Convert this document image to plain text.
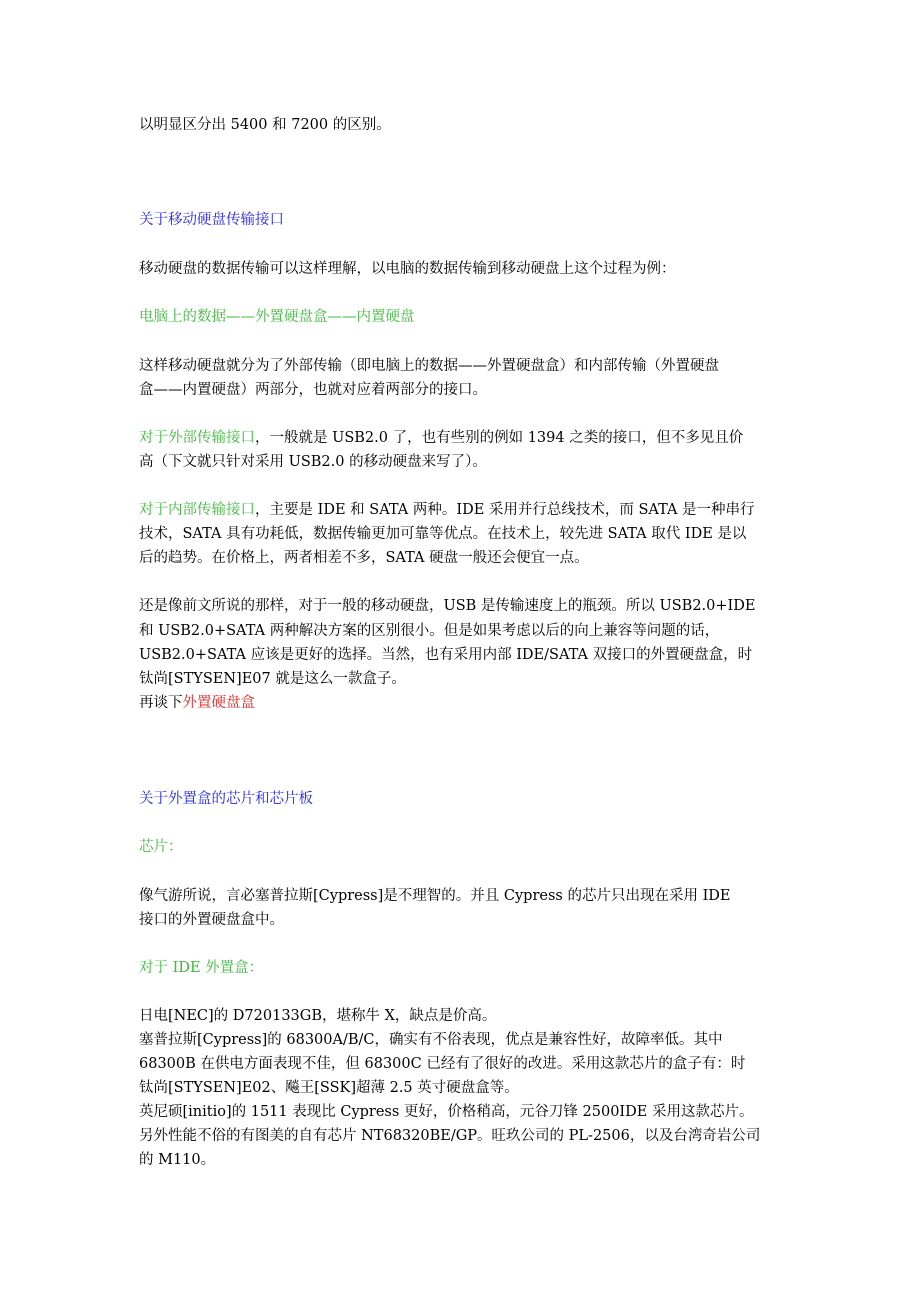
以明显区分出 5400 和 7200 的区别。
关于移动硬盘传输接口
移动硬盘的数据传输可以这样理解，以电脑的数据传输到移动硬盘上这个过程为例：
电脑上的数据——外置硬盘盒——内置硬盘
这样移动硬盘就分为了外部传输（即电脑上的数据——外置硬盘盒）和内部传输（外置硬盘
盒——内置硬盘）两部分，也就对应着两部分的接口。
对于外部传输接口，一般就是 USB2.0 了，也有些别的例如 1394 之类的接口，但不多见且价
高（下文就只针对采用 USB2.0 的移动硬盘来写了）。
对于内部传输接口，主要是 IDE 和 SATA 两种。IDE 采用并行总线技术，而 SATA 是一种串行
技术，SATA 具有功耗低，数据传输更加可靠等优点。在技术上，较先进 SATA 取代 IDE 是以
后的趋势。在价格上，两者相差不多，SATA 硬盘一般还会便宜一点。
还是像前文所说的那样，对于一般的移动硬盘，USB 是传输速度上的瓶颈。所以 USB2.0+IDE
和 USB2.0+SATA 两种解决方案的区别很小。但是如果考虑以后的向上兼容等问题的话，
USB2.0+SATA 应该是更好的选择。当然，也有采用内部 IDE/SATA 双接口的外置硬盘盒，时
钛尚[STYSEN]E07 就是这么一款盒子。
再谈下外置硬盘盒
关于外置盒的芯片和芯片板
芯片：
像气游所说，言必塞普拉斯[Cypress]是不理智的。并且 Cypress 的芯片只出现在采用 IDE
接口的外置硬盘盒中。
对于 IDE 外置盒：
日电[NEC]的 D720133GB，堪称牛 X，缺点是价高。
塞普拉斯[Cypress]的 68300A/B/C，确实有不俗表现，优点是兼容性好，故障率低。其中
68300B 在供电方面表现不佳，但 68300C 已经有了很好的改进。采用这款芯片的盒子有：时
钛尚[STYSEN]E02、飚王[SSK]超薄 2.5 英寸硬盘盒等。
英尼硕[initio]的 1511 表现比 Cypress 更好，价格稍高，元谷刀锋 2500IDE 采用这款芯片。
另外性能不俗的有图美的自有芯片 NT68320BE/GP。旺玖公司的 PL-2506，以及台湾奇岩公司
的 M110。
